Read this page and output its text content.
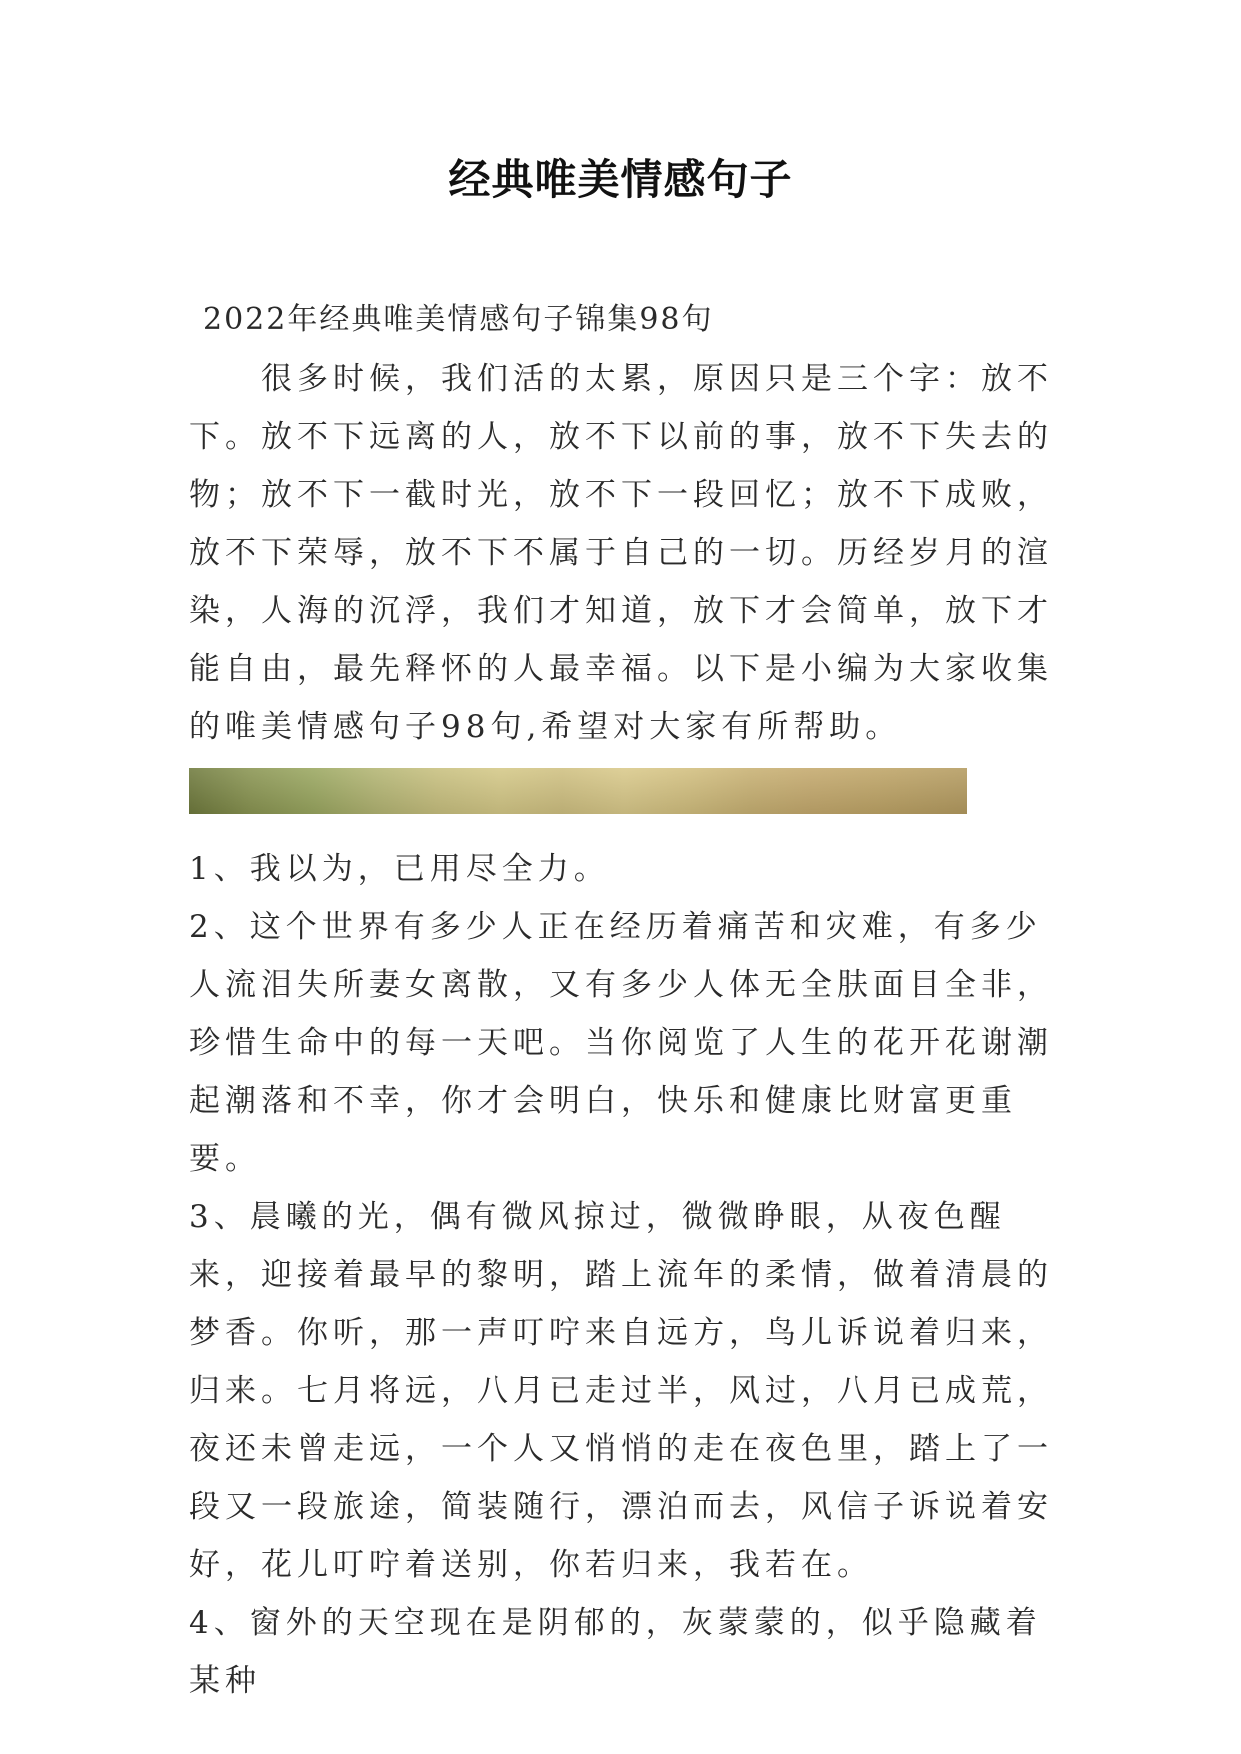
经典唯美情感句子

2022年经典唯美情感句子锦集98句

很多时候，我们活的太累，原因只是三个字：放不下。放不下远离的人，放不下以前的事，放不下失去的物；放不下一截时光，放不下一段回忆；放不下成败，放不下荣辱，放不下不属于自己的一切。历经岁月的渲染，人海的沉浮，我们才知道，放下才会简单，放下才能自由，最先释怀的人最幸福。以下是小编为大家收集的唯美情感句子98句,希望对大家有所帮助。

1、我以为，已用尽全力。

2、这个世界有多少人正在经历着痛苦和灾难，有多少人流泪失所妻女离散，又有多少人体无全肤面目全非，珍惜生命中的每一天吧。当你阅览了人生的花开花谢潮起潮落和不幸，你才会明白，快乐和健康比财富更重要。

3、晨曦的光，偶有微风掠过，微微睁眼，从夜色醒来，迎接着最早的黎明，踏上流年的柔情，做着清晨的梦香。你听，那一声叮咛来自远方，鸟儿诉说着归来，归来。七月将远，八月已走过半，风过，八月已成荒，夜还未曾走远，一个人又悄悄的走在夜色里，踏上了一段又一段旅途，简装随行，漂泊而去，风信子诉说着安好，花儿叮咛着送别，你若归来，我若在。

4、窗外的天空现在是阴郁的，灰蒙蒙的，似乎隐藏着某种
